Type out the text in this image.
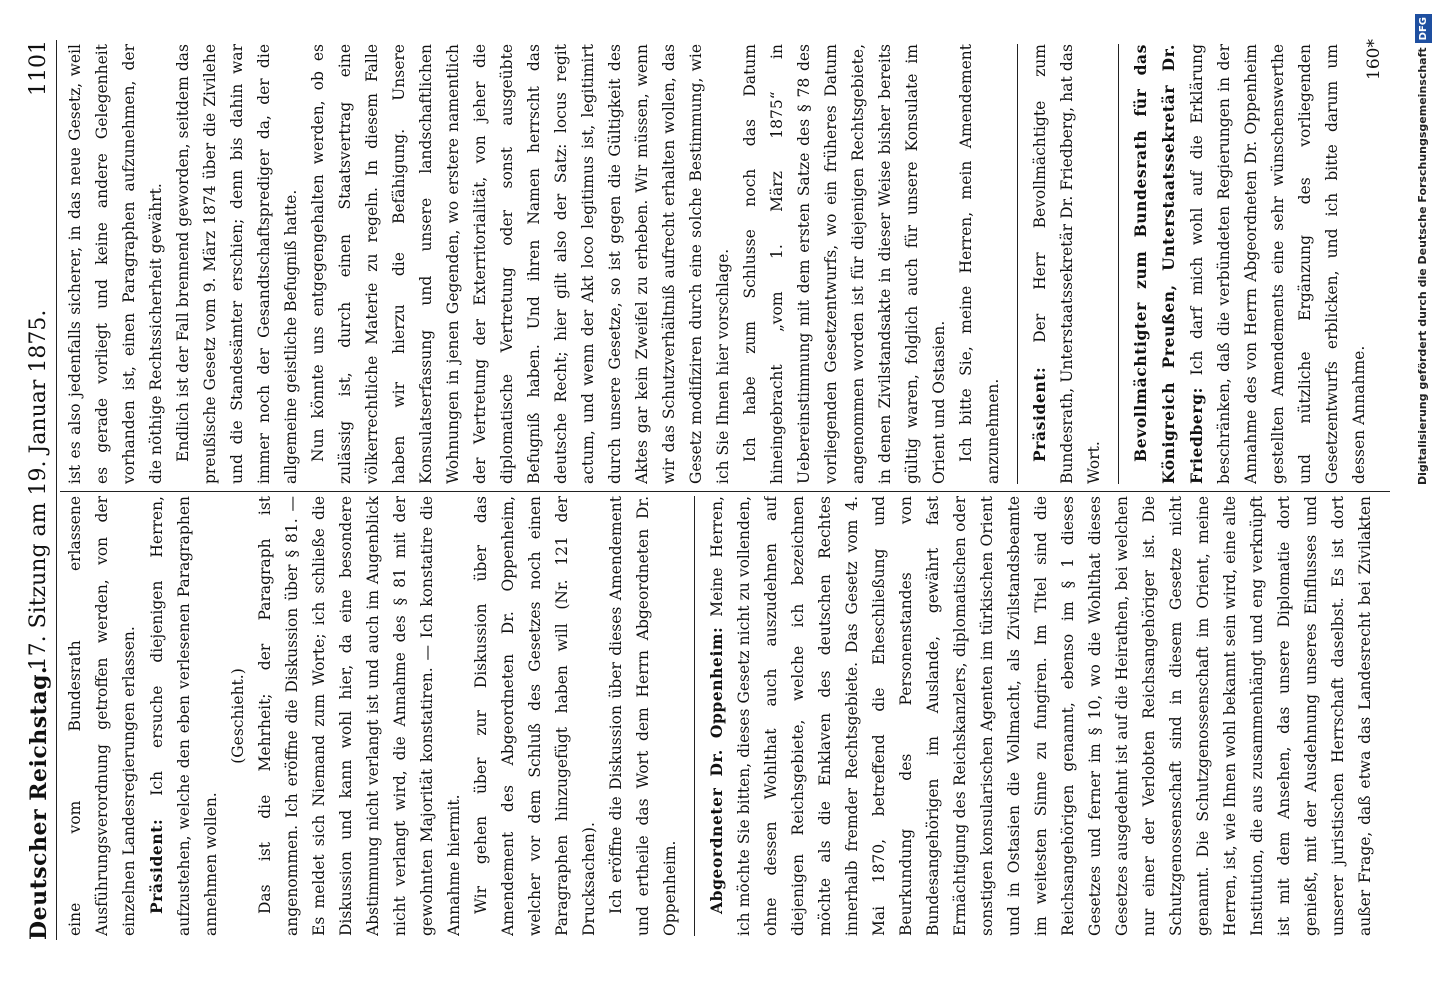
Deutscher Reichstag.
17. Sitzung am 19. Januar 1875.
1101

eine vom Bundesrath erlassene Ausführungsverordnung getroffen werden, von der einzelnen Landesregierungen erlassen. Präsident: Ich ersuche diejenigen Herren, aufzustehen, welche den eben verlesenen Paragraphen annehmen wollen.

(Geschieht.) Das ist die Mehrheit; der Paragraph ist angenommen. Ich eröffne die Diskussion über § 81. — Es meldet sich Niemand zum Worte; ich schließe die Diskussion und kann wohl hier, da eine besondere Abstimmung nicht verlangt ist und auch im Augenblick nicht verlangt wird, die Annahme des § 81 mit der gewohnten Majorität konstatiren. — Ich konstatire die Annahme hiermit. Wir gehen über zur Diskussion über das Amendement des Abgeordneten Dr. Oppenheim, welcher vor dem Schluß des Gesetzes noch einen Paragraphen hinzugefügt haben will (Nr. 121 der Drucksachen). Ich eröffne die Diskussion über dieses Amendement und ertheile das Wort dem Herrn Abgeordneten Dr. Oppenheim.	Abgeordneter Dr. Oppenheim: Meine Herren, ich möchte Sie bitten, dieses Gesetz nicht zu vollenden, ohne dessen Wohlthat auch auszudehnen auf diejenigen Reichsgebiete, welche ich bezeichnen möchte als die Enklaven des deutschen Rechtes innerhalb fremder Rechtsgebiete. Das Gesetz vom 4. Mai 1870, betreffend die Eheschließung und Beurkundung des Personenstandes von Bundesangehörigen im Auslande, gewährt fast Ermächtigung des Reichskanzlers, diplomatischen oder sonstigen konsularischen Agenten im türkischen Orient und in Ostasien die Vollmacht, als Zivilstandsbeamte im weitesten Sinne zu fungiren. Im Titel sind die Reichsangehörigen genannt, ebenso im § 1 dieses Gesetzes und ferner im § 10, wo die Wohlthat dieses Gesetzes ausgedehnt ist auf die Heirathen, bei welchen nur einer der Verlobten Reichsangehöriger ist. Die Schutzgenossenschaft sind in diesem Gesetze nicht genannt. Die Schutzgenossenschaft im Orient, meine Herren, ist, wie Ihnen wohl bekannt sein wird, eine alte Institution, die aus zusammenhängt und eng verknüpft ist mit dem Ansehen, das unsere Diplomatie dort genießt, mit der Ausdehnung unseres Einflusses und unserer juristischen Herrschaft daselbst. Es ist dort außer Frage, daß etwa das Landesrecht bei Zivilakten

ist es also jedenfalls sicherer, in das neue Gesetz, weil es gerade vorliegt und keine andere Gelegenheit vorhanden ist, einen Paragraphen aufzunehmen, der die nöthige Rechtssicherheit gewährt. Endlich ist der Fall brennend geworden, seitdem das preußische Gesetz vom 9. März 1874 über die Zivilehe und die Standesämter erschien; denn bis dahin war immer noch der Gesandtschaftsprediger da, der die allgemeine geistliche Befugniß hatte. Nun könnte uns entgegengehalten werden, ob es zulässig ist, durch einen Staatsvertrag eine völkerrechtliche Materie zu regeln. In diesem Falle haben wir hierzu die Befähigung. Unsere Konsulatserfassung und unsere landschaftlichen Wohnungen in jenen Gegenden, wo erstere namentlich der Vertretung der Exterritorialität, von jeher die diplomatische Vertretung oder sonst ausgeübte Befugniß haben. Und ihren Namen herrscht das deutsche Recht; hier gilt also der Satz: locus regit actum, und wenn der Akt loco legitimus ist, legitimirt durch unsere Gesetze, so ist gegen die Gültigkeit des Aktes gar kein Zweifel zu erheben. Wir müssen, wenn wir das Schutzverhältniß aufrecht erhalten wollen, das Gesetz modifiziren durch eine solche Bestimmung, wie ich Sie Ihnen hier vorschlage. Ich habe zum Schlusse noch das Datum hineingebracht „vom 1. März 1875“ in Uebereinstimmung mit dem ersten Satze des § 78 des vorliegenden Gesetzentwurfs, wo ein früheres Datum angenommen worden ist für diejenigen Rechtsgebiete, in denen Zivilstandsakte in dieser Weise bisher bereits gültig waren, folglich auch für unsere Konsulate im Orient und Ostasien. Ich bitte Sie, meine Herren, mein Amendement anzunehmen.	Präsident: Der Herr Bevollmächtigte zum Bundesrath, Unterstaatssekretär Dr. Friedberg, hat das Wort.

Bevollmächtigter zum Bundesrath für das Königreich Preußen, Unterstaatssekretär Dr. Friedberg: Ich darf mich wohl auf die Erklärung beschränken, daß die verbündeten Regierungen in der Annahme des von Herrn Abgeordneten Dr. Oppenheim gestellten Amendements eine sehr wünschenswerthe und nützliche Ergänzung des vorliegenden Gesetzentwurfs erblicken, und ich bitte darum um dessen Annahme.

160*	Digitalisierung gefördert durch die Deutsche ForschungsgemeinschaftDFG
